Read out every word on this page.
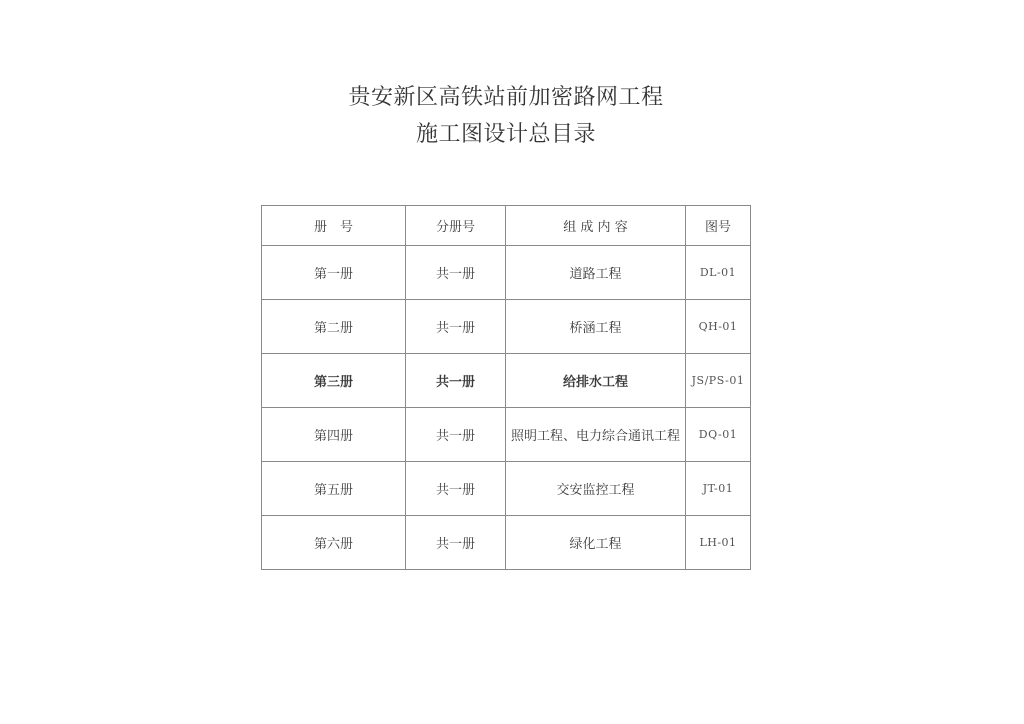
贵安新区高铁站前加密路网工程
施工图设计总目录
册　号	分册号	组 成 内 容	图号
第一册	共一册	道路工程	DL-01
第二册	共一册	桥涵工程	QH-01
第三册	共一册	给排水工程	JS/PS-01
第四册	共一册	照明工程、电力综合通讯工程	DQ-01
第五册	共一册	交安监控工程	JT-01
第六册	共一册	绿化工程	LH-01
